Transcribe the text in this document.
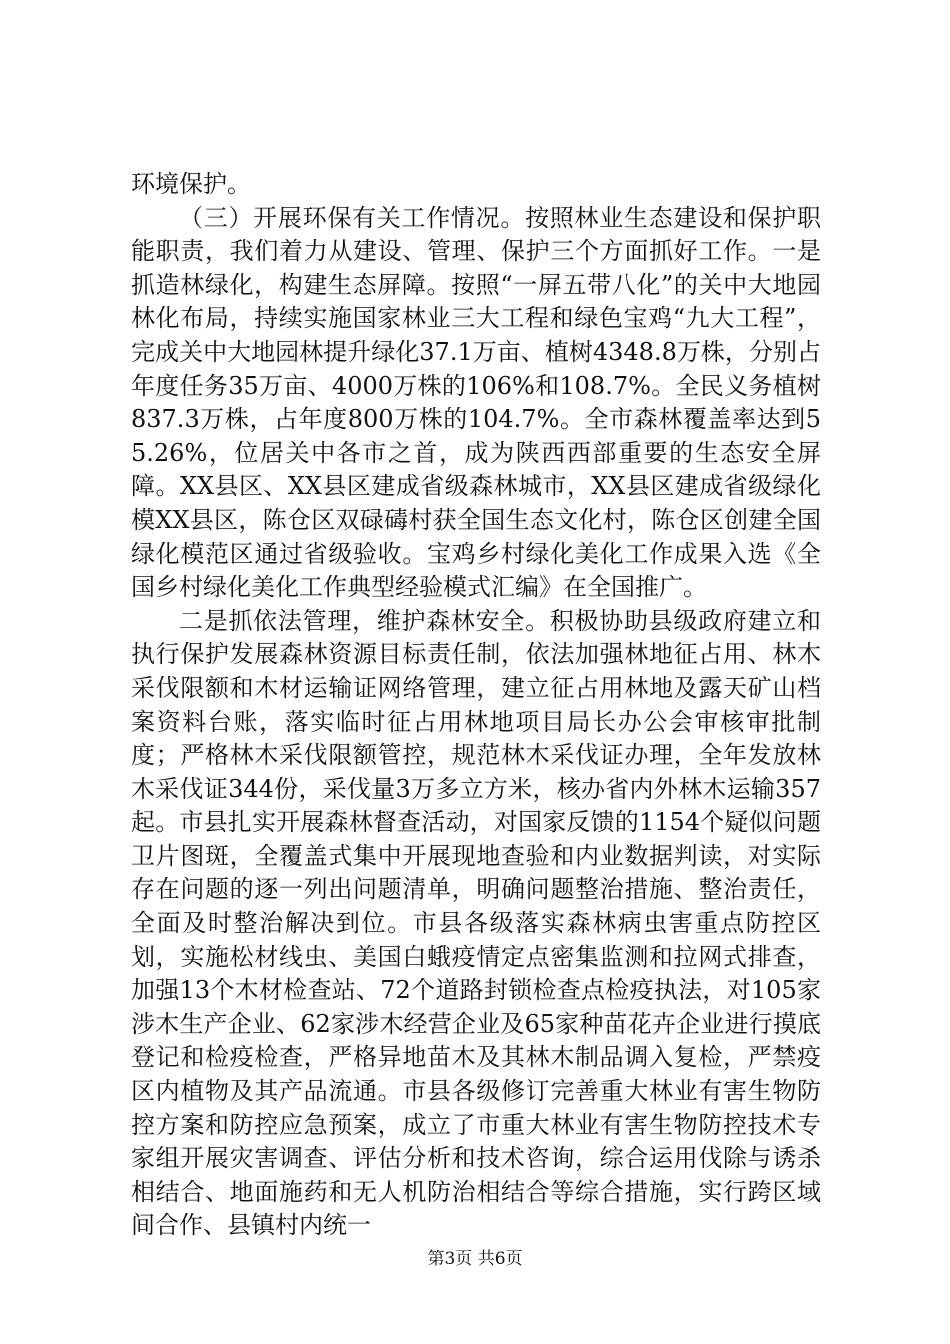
环境保护。

（三）开展环保有关工作情况。按照林业生态建设和保护职能职责，我们着力从建设、管理、保护三个方面抓好工作。一是抓造林绿化，构建生态屏障。按照“一屏五带八化”的关中大地园林化布局，持续实施国家林业三大工程和绿色宝鸡“九大工程”，完成关中大地园林提升绿化37.1万亩、植树4348.8万株，分别占年度任务35万亩、4000万株的106%和108.7%。全民义务植树837.3万株，占年度800万株的104.7%。全市森林覆盖率达到55.26%，位居关中各市之首，成为陕西西部重要的生态安全屏障。XX县区、XX县区建成省级森林城市，XX县区建成省级绿化模XX县区，陈仓区双碌碡村获全国生态文化村，陈仓区创建全国绿化模范区通过省级验收。宝鸡乡村绿化美化工作成果入选《全国乡村绿化美化工作典型经验模式汇编》在全国推广。

二是抓依法管理，维护森林安全。积极协助县级政府建立和执行保护发展森林资源目标责任制，依法加强林地征占用、林木采伐限额和木材运输证网络管理，建立征占用林地及露天矿山档案资料台账，落实临时征占用林地项目局长办公会审核审批制度；严格林木采伐限额管控，规范林木采伐证办理，全年发放林木采伐证344份，采伐量3万多立方米，核办省内外林木运输357起。市县扎实开展森林督查活动，对国家反馈的1154个疑似问题卫片图斑，全覆盖式集中开展现地查验和内业数据判读，对实际存在问题的逐一列出问题清单，明确问题整治措施、整治责任，全面及时整治解决到位。市县各级落实森林病虫害重点防控区划，实施松材线虫、美国白蛾疫情定点密集监测和拉网式排查，加强13个木材检查站、72个道路封锁检查点检疫执法，对105家涉木生产企业、62家涉木经营企业及65家种苗花卉企业进行摸底登记和检疫检查，严格异地苗木及其林木制品调入复检，严禁疫区内植物及其产品流通。市县各级修订完善重大林业有害生物防控方案和防控应急预案，成立了市重大林业有害生物防控技术专家组开展灾害调查、评估分析和技术咨询，综合运用伐除与诱杀相结合、地面施药和无人机防治相结合等综合措施，实行跨区域间合作、县镇村内统一

第3页 共6页
